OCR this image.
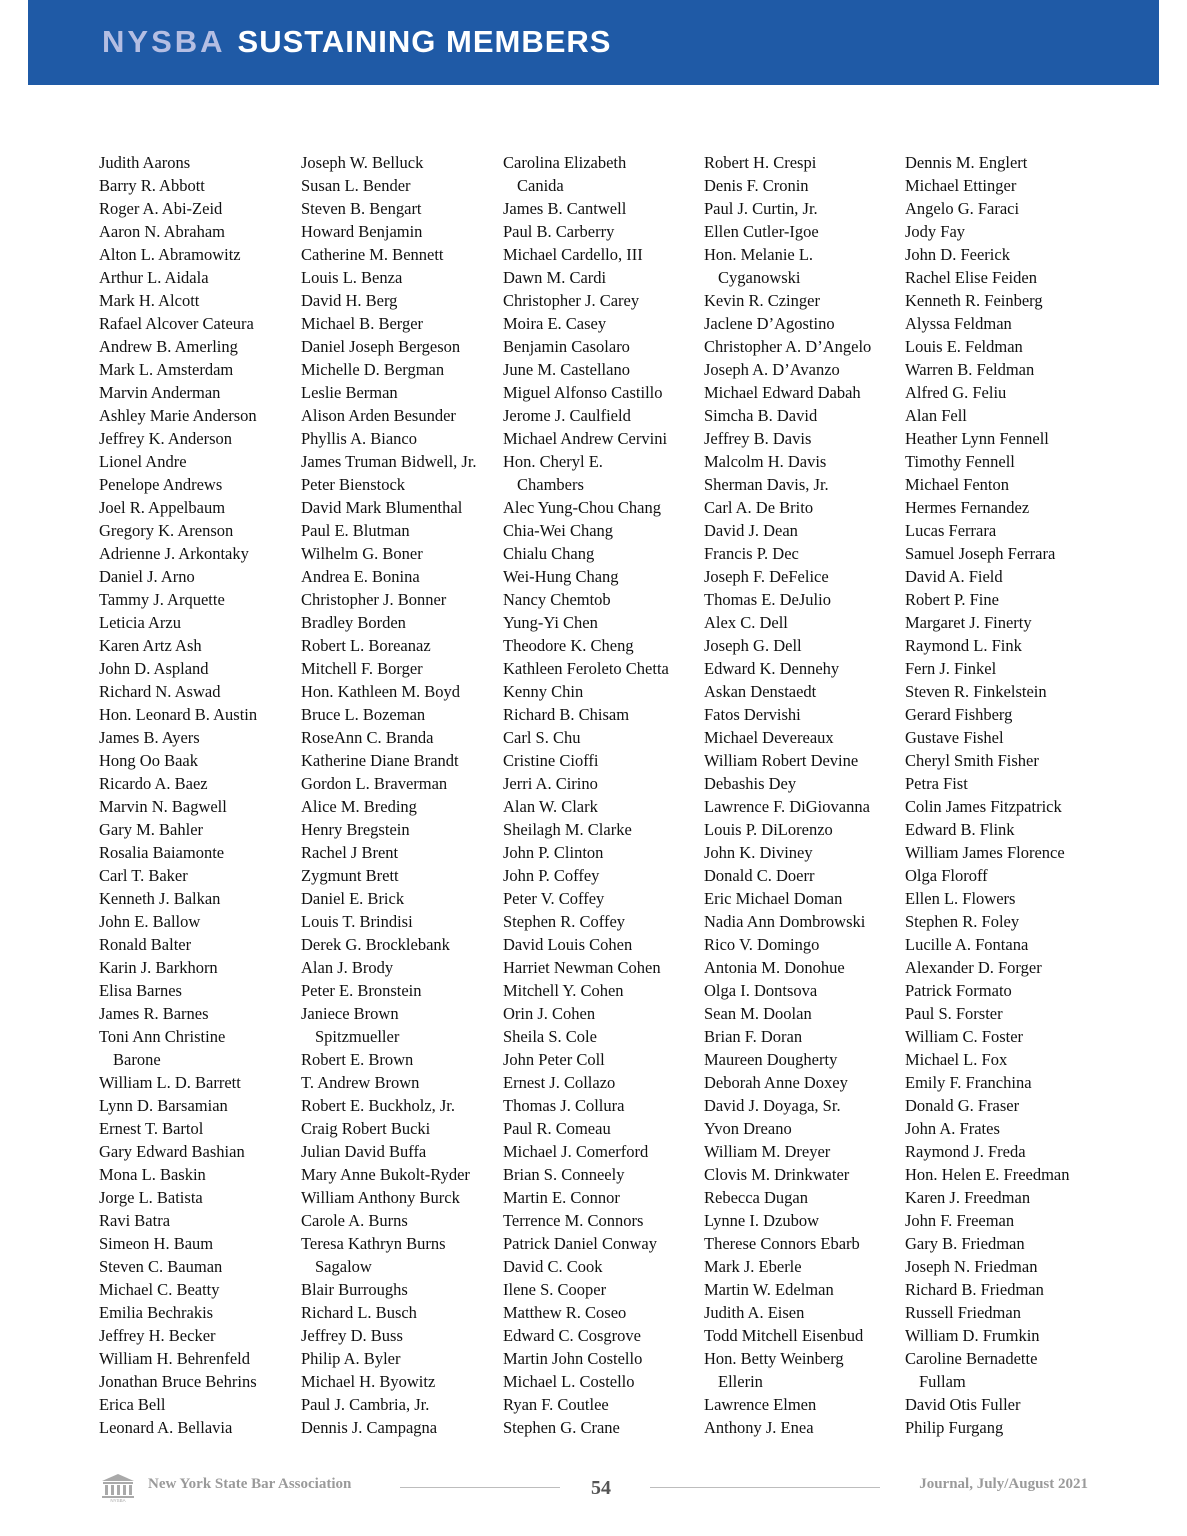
NYSBA SUSTAINING MEMBERS
Judith Aarons
Barry R. Abbott
Roger A. Abi-Zeid
Aaron N. Abraham
Alton L. Abramowitz
Arthur L. Aidala
Mark H. Alcott
Rafael Alcover Cateura
Andrew B. Amerling
Mark L. Amsterdam
Marvin Anderman
Ashley Marie Anderson
Jeffrey K. Anderson
Lionel Andre
Penelope Andrews
Joel R. Appelbaum
Gregory K. Arenson
Adrienne J. Arkontaky
Daniel J. Arno
Tammy J. Arquette
Leticia Arzu
Karen Artz Ash
John D. Aspland
Richard N. Aswad
Hon. Leonard B. Austin
James B. Ayers
Hong Oo Baak
Ricardo A. Baez
Marvin N. Bagwell
Gary M. Bahler
Rosalia Baiamonte
Carl T. Baker
Kenneth J. Balkan
John E. Ballow
Ronald Balter
Karin J. Barkhorn
Elisa Barnes
James R. Barnes
Toni Ann Christine
Barone
William L. D. Barrett
Lynn D. Barsamian
Ernest T. Bartol
Gary Edward Bashian
Mona L. Baskin
Jorge L. Batista
Ravi Batra
Simeon H. Baum
Steven C. Bauman
Michael C. Beatty
Emilia Bechrakis
Jeffrey H. Becker
William H. Behrenfeld
Jonathan Bruce Behrins
Erica Bell
Leonard A. Bellavia
Joseph W. Belluck
Susan L. Bender
Steven B. Bengart
Howard Benjamin
Catherine M. Bennett
Louis L. Benza
David H. Berg
Michael B. Berger
Daniel Joseph Bergeson
Michelle D. Bergman
Leslie Berman
Alison Arden Besunder
Phyllis A. Bianco
James Truman Bidwell, Jr.
Peter Bienstock
David Mark Blumenthal
Paul E. Blutman
Wilhelm G. Boner
Andrea E. Bonina
Christopher J. Bonner
Bradley Borden
Robert L. Boreanaz
Mitchell F. Borger
Hon. Kathleen M. Boyd
Bruce L. Bozeman
RoseAnn C. Branda
Katherine Diane Brandt
Gordon L. Braverman
Alice M. Breding
Henry Bregstein
Rachel J Brent
Zygmunt Brett
Daniel E. Brick
Louis T. Brindisi
Derek G. Brocklebank
Alan J. Brody
Peter E. Bronstein
Janiece Brown
Spitzmueller
Robert E. Brown
T. Andrew Brown
Robert E. Buckholz, Jr.
Craig Robert Bucki
Julian David Buffa
Mary Anne Bukolt-Ryder
William Anthony Burck
Carole A. Burns
Teresa Kathryn Burns
Sagalow
Blair Burroughs
Richard L. Busch
Jeffrey D. Buss
Philip A. Byler
Michael H. Byowitz
Paul J. Cambria, Jr.
Dennis J. Campagna
Carolina Elizabeth
Canida
James B. Cantwell
Paul B. Carberry
Michael Cardello, III
Dawn M. Cardi
Christopher J. Carey
Moira E. Casey
Benjamin Casolaro
June M. Castellano
Miguel Alfonso Castillo
Jerome J. Caulfield
Michael Andrew Cervini
Hon. Cheryl E.
Chambers
Alec Yung-Chou Chang
Chia-Wei Chang
Chialu Chang
Wei-Hung Chang
Nancy Chemtob
Yung-Yi Chen
Theodore K. Cheng
Kathleen Feroleto Chetta
Kenny Chin
Richard B. Chisam
Carl S. Chu
Cristine Cioffi
Jerri A. Cirino
Alan W. Clark
Sheilagh M. Clarke
John P. Clinton
John P. Coffey
Peter V. Coffey
Stephen R. Coffey
David Louis Cohen
Harriet Newman Cohen
Mitchell Y. Cohen
Orin J. Cohen
Sheila S. Cole
John Peter Coll
Ernest J. Collazo
Thomas J. Collura
Paul R. Comeau
Michael J. Comerford
Brian S. Conneely
Martin E. Connor
Terrence M. Connors
Patrick Daniel Conway
David C. Cook
Ilene S. Cooper
Matthew R. Coseo
Edward C. Cosgrove
Martin John Costello
Michael L. Costello
Ryan F. Coutlee
Stephen G. Crane
Robert H. Crespi
Denis F. Cronin
Paul J. Curtin, Jr.
Ellen Cutler-Igoe
Hon. Melanie L.
Cyganowski
Kevin R. Czinger
Jaclene D’Agostino
Christopher A. D’Angelo
Joseph A. D’Avanzo
Michael Edward Dabah
Simcha B. David
Jeffrey B. Davis
Malcolm H. Davis
Sherman Davis, Jr.
Carl A. De Brito
David J. Dean
Francis P. Dec
Joseph F. DeFelice
Thomas E. DeJulio
Alex C. Dell
Joseph G. Dell
Edward K. Dennehy
Askan Denstaedt
Fatos Dervishi
Michael Devereaux
William Robert Devine
Debashis Dey
Lawrence F. DiGiovanna
Louis P. DiLorenzo
John K. Diviney
Donald C. Doerr
Eric Michael Doman
Nadia Ann Dombrowski
Rico V. Domingo
Antonia M. Donohue
Olga I. Dontsova
Sean M. Doolan
Brian F. Doran
Maureen Dougherty
Deborah Anne Doxey
David J. Doyaga, Sr.
Yvon Dreano
William M. Dreyer
Clovis M. Drinkwater
Rebecca Dugan
Lynne I. Dzubow
Therese Connors Ebarb
Mark J. Eberle
Martin W. Edelman
Judith A. Eisen
Todd Mitchell Eisenbud
Hon. Betty Weinberg
Ellerin
Lawrence Elmen
Anthony J. Enea
Dennis M. Englert
Michael Ettinger
Angelo G. Faraci
Jody Fay
John D. Feerick
Rachel Elise Feiden
Kenneth R. Feinberg
Alyssa Feldman
Louis E. Feldman
Warren B. Feldman
Alfred G. Feliu
Alan Fell
Heather Lynn Fennell
Timothy Fennell
Michael Fenton
Hermes Fernandez
Lucas Ferrara
Samuel Joseph Ferrara
David A. Field
Robert P. Fine
Margaret J. Finerty
Raymond L. Fink
Fern J. Finkel
Steven R. Finkelstein
Gerard Fishberg
Gustave Fishel
Cheryl Smith Fisher
Petra Fist
Colin James Fitzpatrick
Edward B. Flink
William James Florence
Olga Floroff
Ellen L. Flowers
Stephen R. Foley
Lucille A. Fontana
Alexander D. Forger
Patrick Formato
Paul S. Forster
William C. Foster
Michael L. Fox
Emily F. Franchina
Donald G. Fraser
John A. Frates
Raymond J. Freda
Hon. Helen E. Freedman
Karen J. Freedman
John F. Freeman
Gary B. Friedman
Joseph N. Friedman
Richard B. Friedman
Russell Friedman
William D. Frumkin
Caroline Bernadette
Fullam
David Otis Fuller
Philip Furgang
NYSBA
New York State Bar Association	54	Journal, July/August 2021
